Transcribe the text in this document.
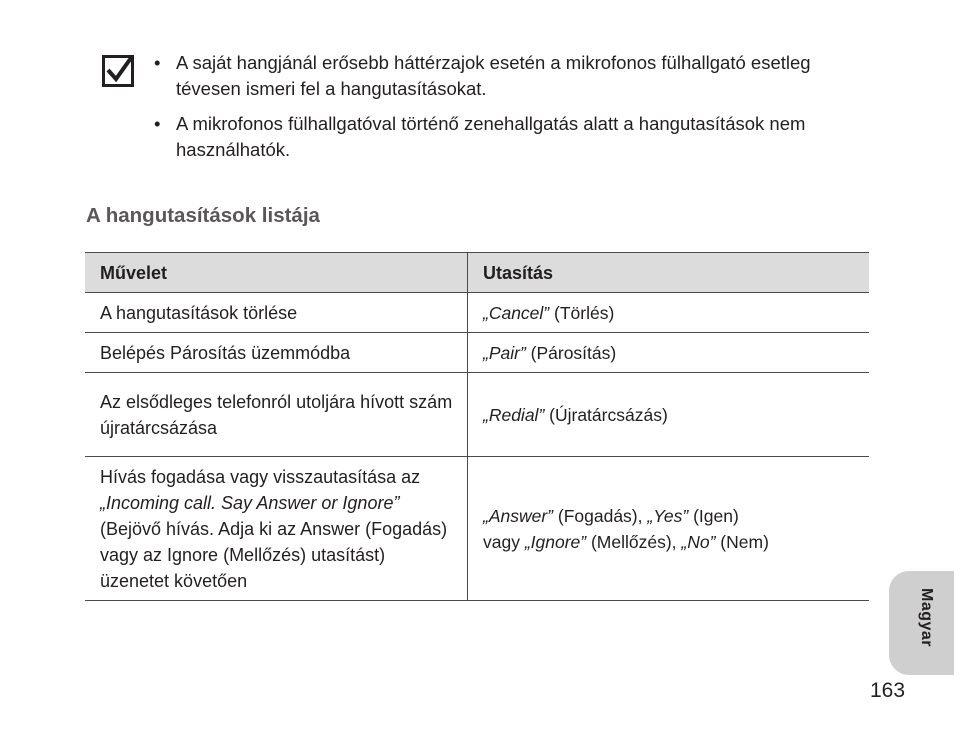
• A saját hangjánál erősebb háttérzajok esetén a mikrofonos fülhallgató esetleg tévesen ismeri fel a hangutasításokat.
• A mikrofonos fülhallgatóval történő zenehallgatás alatt a hangutasítások nem használhatók.
A hangutasítások listája
Művelet	Utasítás
A hangutasítások törlése	„Cancel” (Törlés)
Belépés Párosítás üzemmódba	„Pair” (Párosítás)
Az elsődleges telefonról utoljára hívott szám újratárcsázása	„Redial” (Újratárcsázás)
Hívás fogadása vagy visszautasítása az „Incoming call. Say Answer or Ignore” (Bejövő hívás. Adja ki az Answer (Fogadás) vagy az Ignore (Mellőzés) utasítást) üzenetet követően	„Answer” (Fogadás), „Yes” (Igen)
vagy „Ignore” (Mellőzés), „No” (Nem)
Magyar
163
